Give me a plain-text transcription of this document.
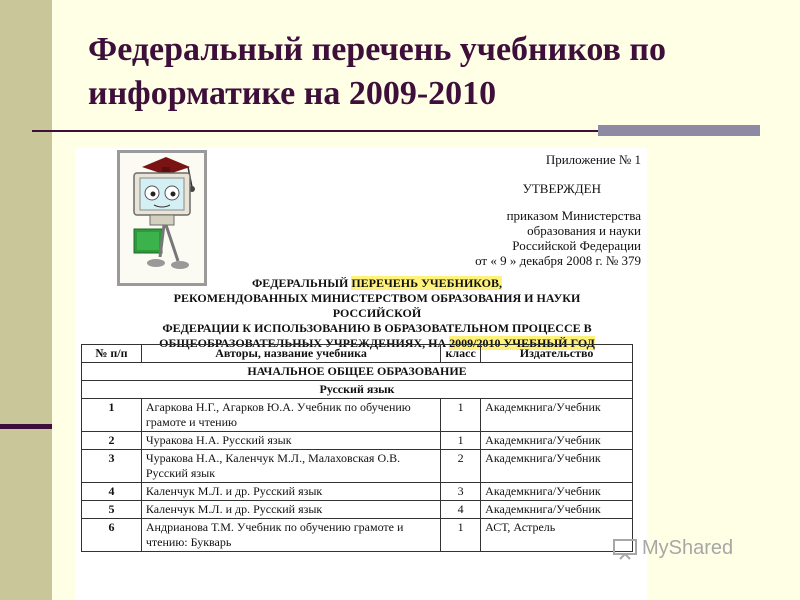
Федеральный перечень учебников по
информатике на 2009-2010
Приложение № 1
УТВЕРЖДЕН
приказом Министерства
образования и науки
Российской Федерации
от « 9 » декабря 2008 г. № 379
ФЕДЕРАЛЬНЫЙ ПЕРЕЧЕНЬ УЧЕБНИКОВ,
РЕКОМЕНДОВАННЫХ МИНИСТЕРСТВОМ ОБРАЗОВАНИЯ И НАУКИ РОССИЙСКОЙ
ФЕДЕРАЦИИ К ИСПОЛЬЗОВАНИЮ В ОБРАЗОВАТЕЛЬНОМ ПРОЦЕССЕ В
ОБЩЕОБРАЗОВАТЕЛЬНЫХ УЧРЕЖДЕНИЯХ, НА 2009/2010 УЧЕБНЫЙ ГОД
№ п/п	Авторы, название учебника	класс	Издательство
НАЧАЛЬНОЕ ОБЩЕЕ ОБРАЗОВАНИЕ			
Русский язык			
1	Агаркова Н.Г., Агарков Ю.А. Учебник по обучению грамоте и чтению	1	Академкнига/Учебник
2	Чуракова Н.А. Русский язык	1	Академкнига/Учебник
3	Чуракова Н.А., Каленчук М.Л., Малаховская О.В. Русский язык	2	Академкнига/Учебник
4	Каленчук М.Л. и др. Русский язык	3	Академкнига/Учебник
5	Каленчук М.Л. и др. Русский язык	4	Академкнига/Учебник
6	Андрианова Т.М. Учебник по обучению грамоте и чтению: Букварь	1	АСТ, Астрель
MyShared
